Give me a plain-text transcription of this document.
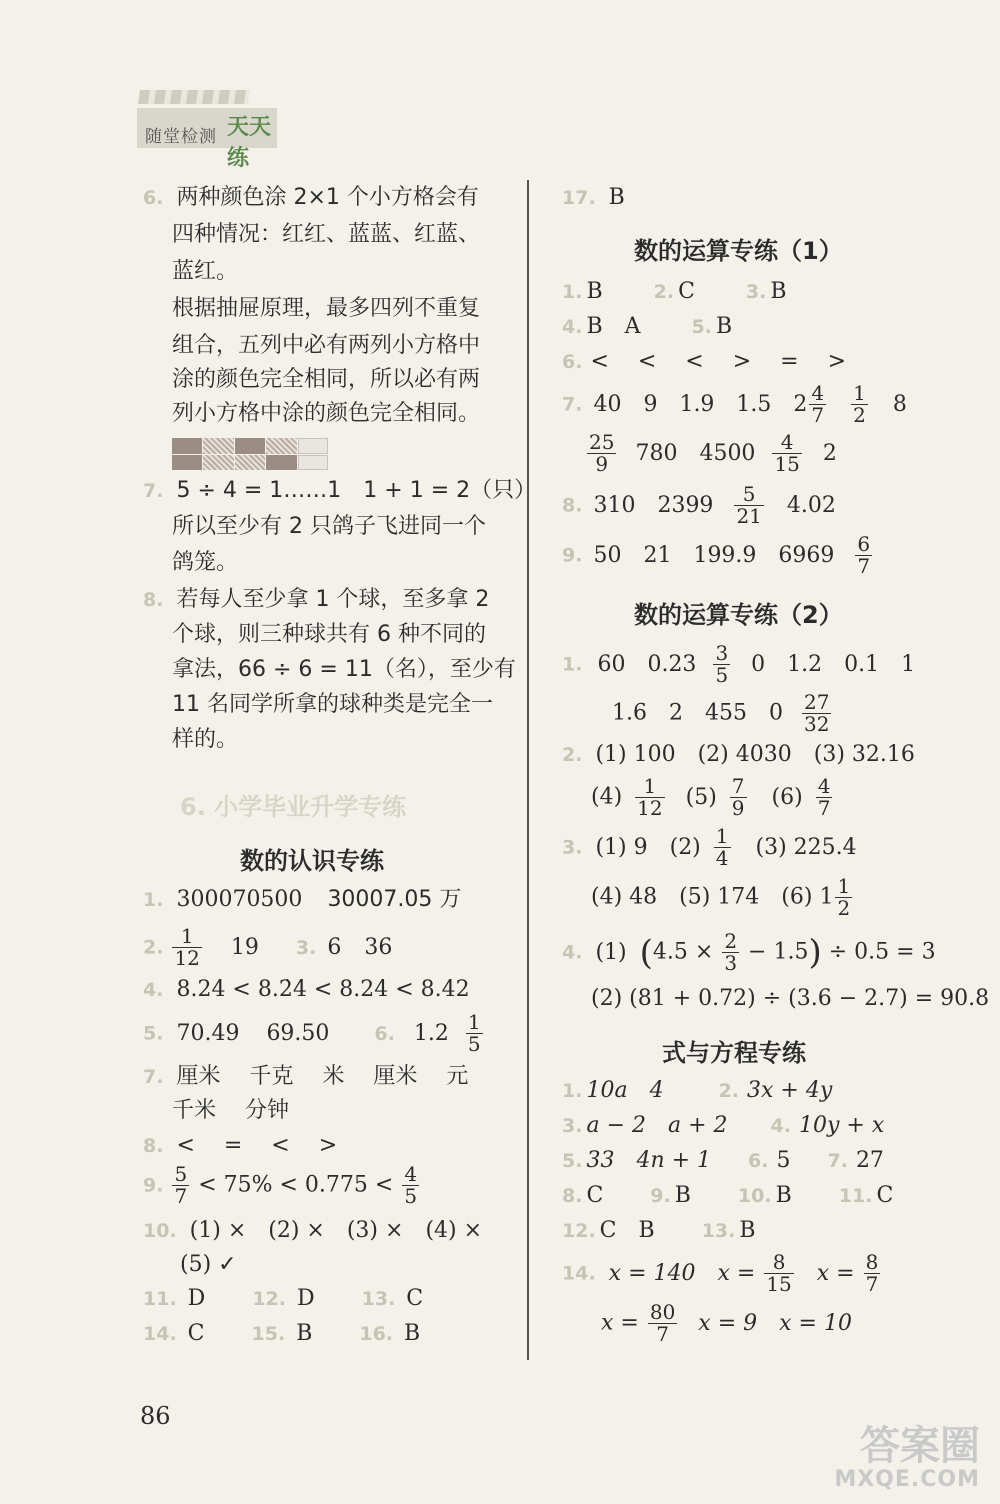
随堂检测 天天练
6. 两种颜色涂 2×1 个小方格会有
四种情况：红红、蓝蓝、红蓝、
蓝红。
根据抽屉原理，最多四列不重复
组合，五列中必有两列小方格中
涂的颜色完全相同，所以必有两
列小方格中涂的颜色完全相同。
7. 5 ÷ 4 = 1……1　1 + 1 = 2（只）
所以至少有 2 只鸽子飞进同一个
鸽笼。
8. 若每人至少拿 1 个球，至多拿 2
个球，则三种球共有 6 种不同的
拿法，66 ÷ 6 = 11（名），至少有
11 名同学所拿的球种类是完全一
样的。
6. 小学毕业升学专练
数的认识专练
1. 300070500 30007.05 万
2. $\frac{1}{12} 19$ 3. 6 36
4. 8.24 < 8.2̇4̇ < 8.24̇ < 8.42
5. 70.49 69.50 6. $1.2 \frac{1}{5}$
7. 厘米　 千克　 米　 厘米　 元
千米　 分钟
8. <　 =　 <　 >
9. $\frac{5}{7} < 75\% < 0.775 < \frac{4}{5}$
10. (1) ×　(2) ×　(3) ×　(4) ×
(5) ✓
11. D 12. D 13. C
14. C 15. B 16. B
17. B
数的运算专练（1）
1. B	2. C	3. B
4. B　A	5. B
6. <　 <　 <　 >　 =　 >
7. 40　9　1.9　1.5　$2 \frac{4}{7}$
$\frac{1}{2} 8$
$\frac{25}{9} 780$　$4500 \frac{4}{15} 2$
8. 310　$2399 \frac{5}{21} 4.02$
9. 50　21　199.9　$6969 \frac{6}{7}$
数的运算专练（2）
1. 60　$0.23 \frac{3}{5} 0$　1.2　0.1　1
1.6　2　455　$0 \frac{27}{32}$
2. (1) 100　(2) 4030　(3) 32.16
$(4) \frac{1}{12} (5) \frac{7}{9} (6) \frac{4}{7}$
3. (1) 9　$(2) \frac{1}{4} (3)$ 225.4
(4) 48　(5) 174　(6) $1 \frac{1}{2}$
4. (1) $(4.5 \times \frac{2}{3} - 1.5) \div 0.5 = 3$
(2) (81 + 0.72) ÷ (3.6 − 2.7) = 90.8
式与方程专练
1. 10a　4	2. 3x + 4y
3. a − 2　a + 2 4. 10y + x
5. 33　4n + 1 6. 5 7. 27
8. C 9. B 10. B 11. C
12. C　B 13. B
14. x = 140　$x = \frac{8}{15}$ $x = \frac{8}{7}$
$x = \frac{80}{7}$ x = 9　x = 10
86
答案圈
MXQE.COM
